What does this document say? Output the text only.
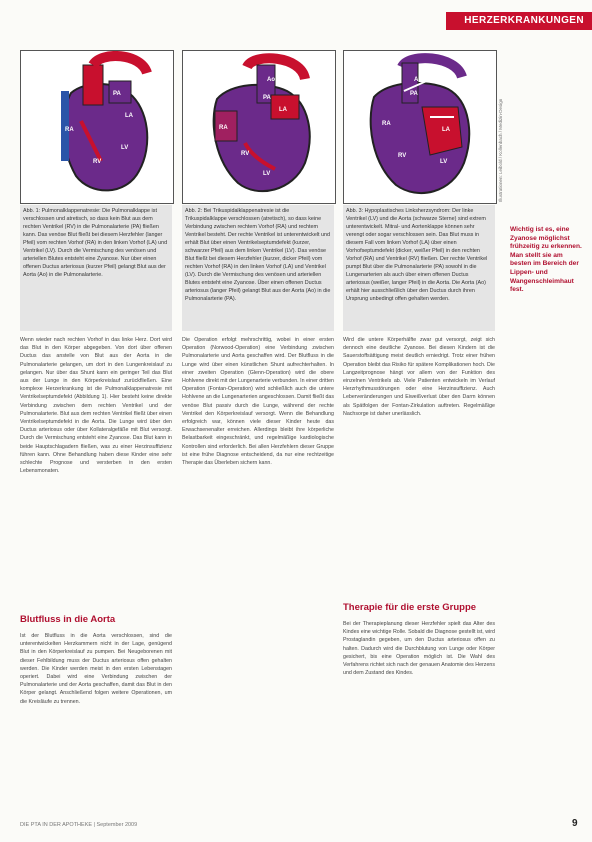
HERZERKRANKUNGEN
Ao
PA
LA
RA
RV
LV
Ao
PA
LA
RA
RV
LV
Ao
PA
LA
RA
RV
LV	Illustrationen: Leibold / Kollenbach / Medizin-Design
Abb. 1: Pulmonalklappenatresie: Die Pulmonalklappe ist verschlossen und atretisch, so dass kein Blut aus dem rechten Ventrikel (RV) in die Pulmonalarterie (PA) fließen kann. Das venöse Blut fließt bei diesem Herzfehler (langer Pfeil) vom rechten Vorhof (RA) in den linken Vorhof (LA) und Ventrikel (LV). Durch die Vermischung des venösen und arteriellen Blutes entsteht eine Zyanose. Nur über einen offenen Ductus arteriosus (kurzer Pfeil) gelangt Blut aus der Aorta (Ao) in die Pulmonalarterie.
Abb. 2: Bei Trikuspidalklappenatresie ist die Trikuspidalklappe verschlossen (atretisch), so dass keine Verbindung zwischen rechtem Vorhof (RA) und rechtem Ventrikel besteht. Der rechte Ventrikel ist unterentwickelt und erhält Blut über einen Ventrikelseptumdefekt (kurzer, schwarzer Pfeil) aus dem linken Ventrikel (LV). Das venöse Blut fließt bei diesem Herzfehler (kurzer, dicker Pfeil) vom rechten Vorhof (RA) in den linken Vorhof (LA) und Ventrikel (LV). Durch die Vermischung des venösen und arteriellen Blutes entsteht eine Zyanose. Über einen offenen Ductus arteriosus (langer Pfeil) gelangt Blut aus der Aorta (Ao) in die Pulmonalarterie (PA).
Abb. 3: Hypoplastisches Linksherzsyndrom: Der linke Ventrikel (LV) und die Aorta (schwarze Sterne) sind extrem unterentwickelt. Mitral- und Aortenklappe können sehr verengt oder sogar verschlossen sein. Das Blut muss in diesem Fall vom linken Vorhof (LA) über einen Vorhofseptumdefekt (dicker, weißer Pfeil) in den rechten Vorhof (RA) und Ventrikel (RV) fließen. Der rechte Ventrikel pumpt Blut über die Pulmonalarterie (PA) sowohl in die Lungenarterien als auch über einen offenen Ductus arteriosus (weißer, langer Pfeil) in die Aorta. Die Aorta (Ao) erhält hier ausschließlich über den Ductus durch ihren Ursprung unbedingt offen gehalten werden.
Wenn wieder nach rechten Vorhof in das linke Herz. Dort wird das Blut in den Körper abgegeben. Von dort über offenen Ductus das anstelle von Blut aus der Aorta in die Pulmonalarterie gelangen, um dort in den Lungenkreislauf zu gelangen. Nur über das Shunt kann ein geringer Teil das Blut aus der Lunge in den Körperkreislauf zurückfließen. Eine komplexe Herzerkrankung ist die Pulmonalklappenatresie mit Ventrikelseptumdefekt (Abbildung 1). Hier besteht keine direkte Verbindung zwischen dem rechten Ventrikel und der Pulmonalarterie. Blut aus dem rechten Ventrikel fließt über einen Ventrikelseptumdefekt in die Aorta. Die Lunge wird über den Ductus arteriosus oder über Kollateralgefäße mit Blut versorgt. Durch die Vermischung entsteht eine Zyanose. Das Blut kann in beide Hauptschlagadern fließen, was zu einer Herzinsuffizienz führen kann. Ohne Behandlung haben diese Kinder eine sehr schlechte Prognose und versterben in den ersten Lebensmonaten.
Blutfluss in die Aorta
Ist der Blutfluss in die Aorta verschlossen, sind die unterentwickelten Herzkammern nicht in der Lage, genügend Blut in den Körperkreislauf zu pumpen. Bei Neugeborenen mit dieser Fehlbildung muss der Ductus arteriosus offen gehalten werden. Die Kinder werden meist in den ersten Lebenstagen operiert. Dabei wird eine Verbindung zwischen der Pulmonalarterie und der Aorta geschaffen, damit das Blut in den Körper gelangt. Anschließend folgen weitere Operationen, um die Kreisläufe zu trennen.
Die Operation erfolgt mehrschrittig, wobei in einer ersten Operation (Norwood-Operation) eine Verbindung zwischen Pulmonalarterie und Aorta geschaffen wird. Der Blutfluss in die Lunge wird über einen künstlichen Shunt aufrechterhalten. In einer zweiten Operation (Glenn-Operation) wird die obere Hohlvene direkt mit der Lungenarterie verbunden. In einer dritten Operation (Fontan-Operation) wird schließlich auch die untere Hohlvene an die Lungenarterien angeschlossen. Damit fließt das venöse Blut passiv durch die Lunge, während der rechte Ventrikel den Körperkreislauf versorgt. Wenn die Behandlung erfolgreich war, können viele dieser Kinder heute das Erwachsenenalter erreichen. Allerdings bleibt ihre körperliche Belastbarkeit eingeschränkt, und regelmäßige kardiologische Kontrollen sind erforderlich. Bei allen Herzfehlern dieser Gruppe ist eine frühe Diagnose entscheidend, da nur eine rechtzeitige Therapie das Überleben sichern kann.
Wird die untere Körperhälfte zwar gut versorgt, zeigt sich dennoch eine deutliche Zyanose. Bei diesen Kindern ist die Sauerstoffsättigung meist deutlich erniedrigt. Trotz einer frühen Operation bleibt das Risiko für spätere Komplikationen hoch. Die Langzeitprognose hängt vor allem von der Funktion des einzelnen Ventrikels ab. Viele Patienten entwickeln im Verlauf Herzrhythmusstörungen oder eine Herzinsuffizienz. Auch Leberveränderungen und Eiweißverlust über den Darm können als Spätfolgen der Fontan-Zirkulation auftreten. Regelmäßige Nachsorge ist daher unerlässlich.
Therapie für die erste Gruppe
Bei der Therapieplanung dieser Herzfehler spielt das Alter des Kindes eine wichtige Rolle. Sobald die Diagnose gestellt ist, wird Prostaglandin gegeben, um den Ductus arteriosus offen zu halten. Dadurch wird die Durchblutung von Lunge oder Körper gesichert, bis eine Operation möglich ist. Die Wahl des Verfahrens richtet sich nach der genauen Anatomie des Herzens und dem Zustand des Kindes.
Wichtig ist es, eine Zyanose möglichst frühzeitig zu erkennen. Man stellt sie am besten im Bereich der Lippen- und Wangenschleimhaut fest.
DIE PTA IN DER APOTHEKE | September 2009	9
